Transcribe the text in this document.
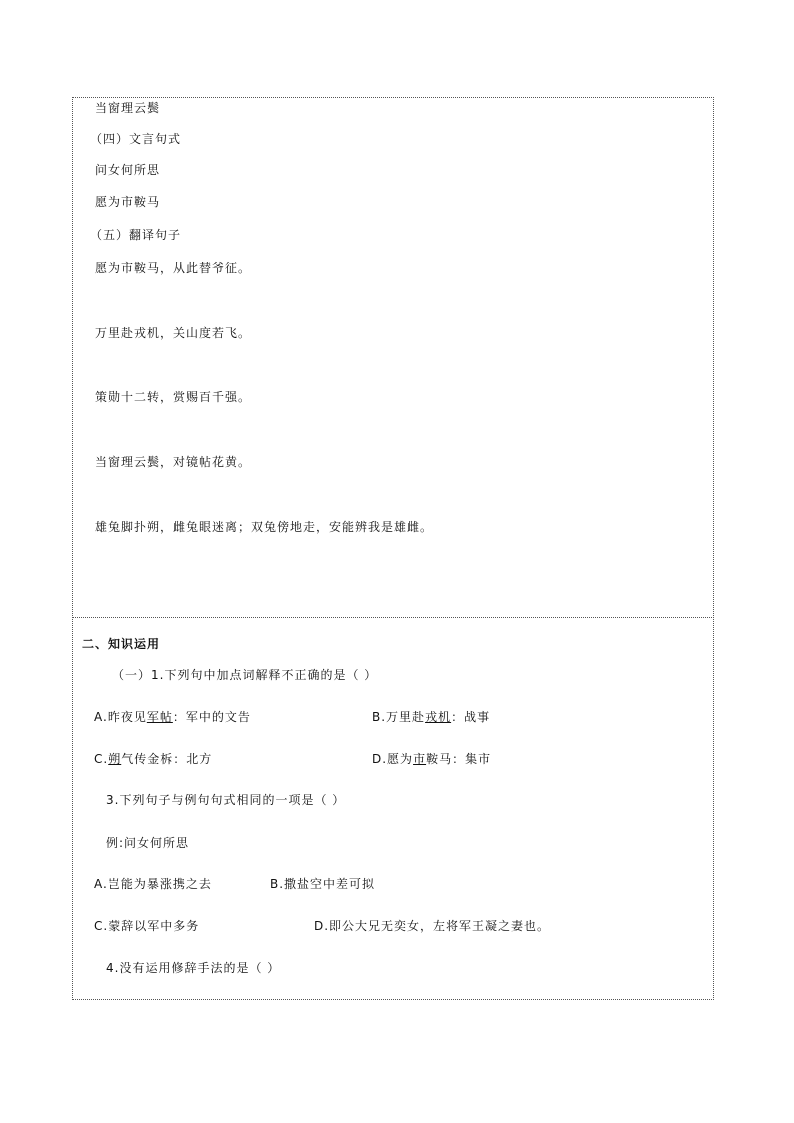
当窗理云鬓
（四）文言句式
问女何所思
愿为市鞍马
（五）翻译句子
愿为市鞍马，从此替爷征。
万里赴戎机，关山度若飞。
策勋十二转，赏赐百千强。
当窗理云鬓，对镜帖花黄。
雄兔脚扑朔，雌兔眼迷离；双兔傍地走，安能辨我是雄雌。
二、知识运用
（一）1.下列句中加点词解释不正确的是（ ）
A.昨夜见军帖：军中的文告	B.万里赴戎机：战事
C.朔气传金柝：北方	D.愿为市鞍马：集市
3.下列句子与例句句式相同的一项是（ ）
例:问女何所思
A.岂能为暴涨携之去	B.撒盐空中差可拟
C.蒙辞以军中多务	D.即公大兄无奕女，左将军王凝之妻也。
4.没有运用修辞手法的是（ ）
